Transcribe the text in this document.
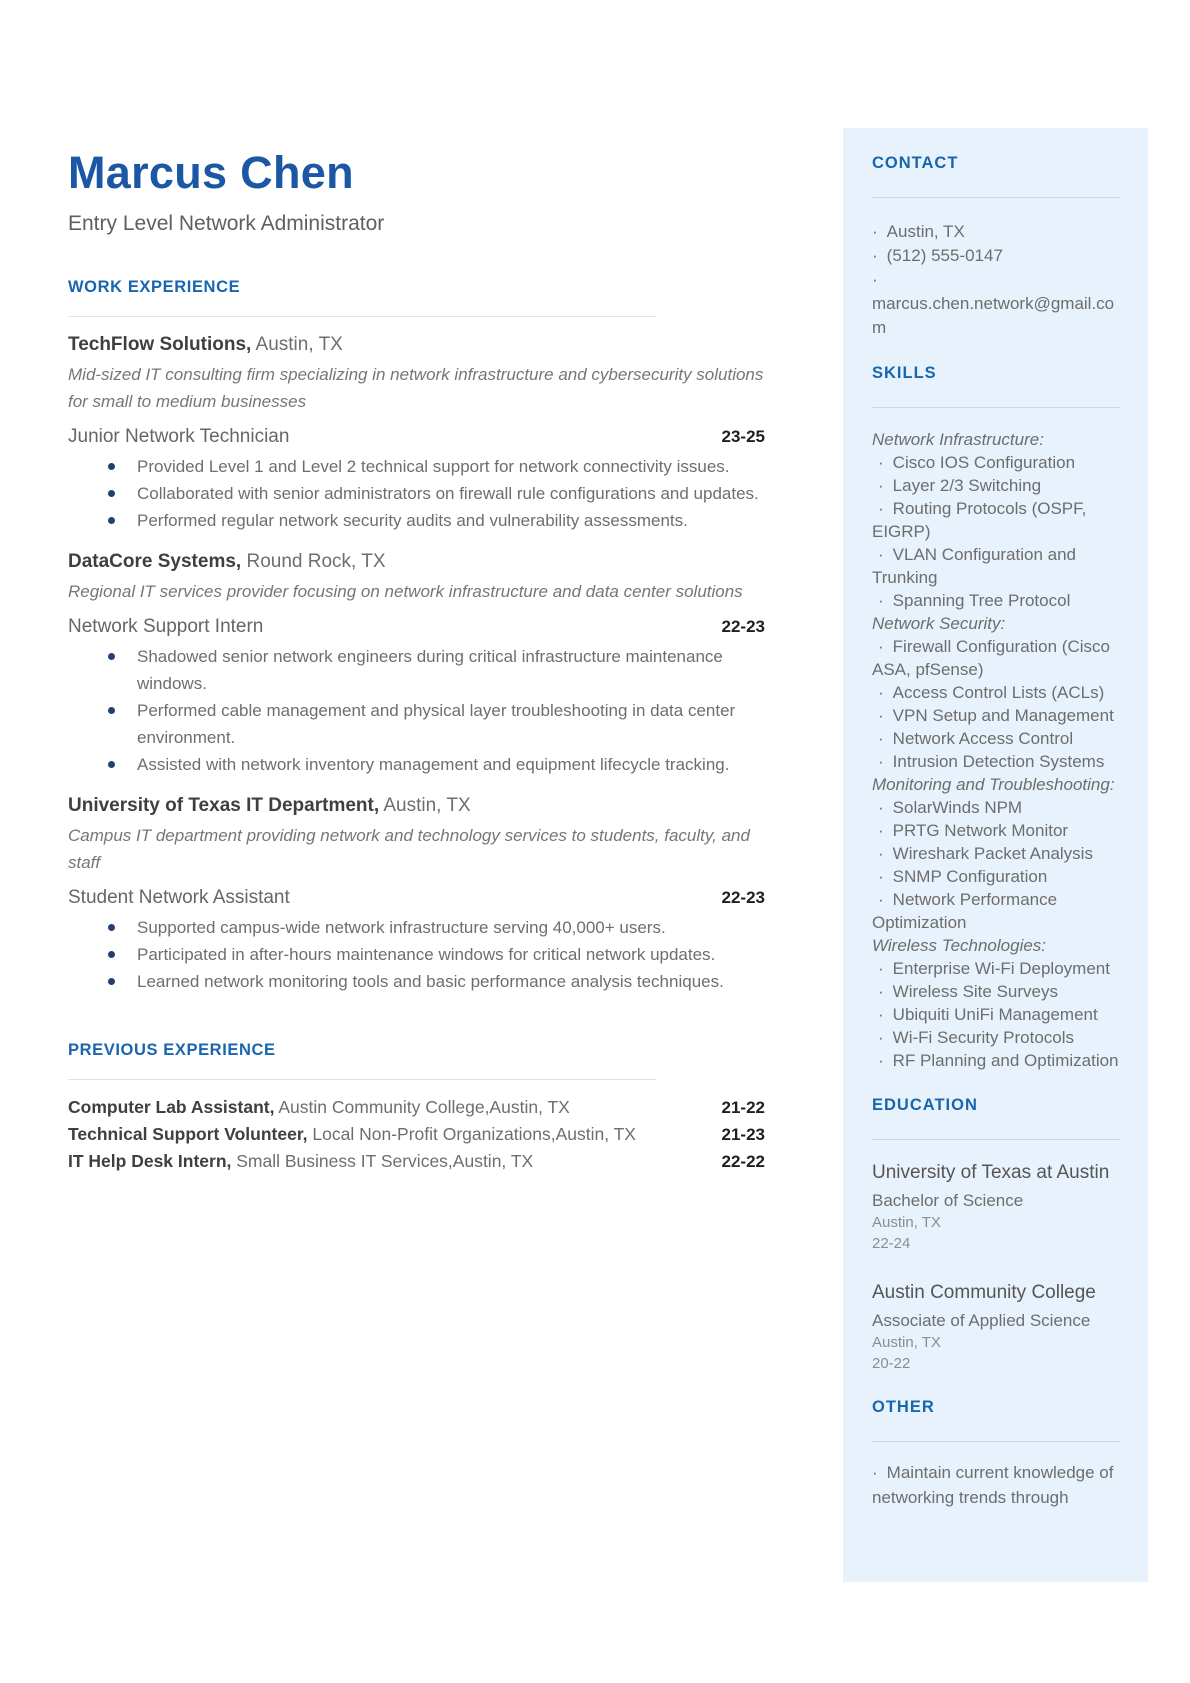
Marcus Chen
Entry Level Network Administrator
WORK EXPERIENCE
TechFlow Solutions, Austin, TX
Mid-sized IT consulting firm specializing in network infrastructure and cybersecurity solutions for small to medium businesses
Junior Network Technician	23-25
Provided Level 1 and Level 2 technical support for network connectivity issues.
Collaborated with senior administrators on firewall rule configurations and updates.
Performed regular network security audits and vulnerability assessments.
DataCore Systems, Round Rock, TX
Regional IT services provider focusing on network infrastructure and data center solutions
Network Support Intern	22-23
Shadowed senior network engineers during critical infrastructure maintenance windows.
Performed cable management and physical layer troubleshooting in data center environment.
Assisted with network inventory management and equipment lifecycle tracking.
University of Texas IT Department, Austin, TX
Campus IT department providing network and technology services to students, faculty, and staff
Student Network Assistant	22-23
Supported campus-wide network infrastructure serving 40,000+ users.
Participated in after-hours maintenance windows for critical network updates.
Learned network monitoring tools and basic performance analysis techniques.
PREVIOUS EXPERIENCE
Computer Lab Assistant, Austin Community College,Austin, TX	21-22
Technical Support Volunteer, Local Non-Profit Organizations,Austin, TX	21-23
IT Help Desk Intern, Small Business IT Services,Austin, TX	22-22
CONTACT
· Austin, TX
· (512) 555-0147
·marcus.chen.network@gmail.com
SKILLS
Network Infrastructure:
· Cisco IOS Configuration
· Layer 2/3 Switching
· Routing Protocols (OSPF, EIGRP)
· VLAN Configuration and Trunking
· Spanning Tree Protocol
Network Security:
· Firewall Configuration (Cisco ASA, pfSense)
· Access Control Lists (ACLs)
· VPN Setup and Management
· Network Access Control
· Intrusion Detection Systems
Monitoring and Troubleshooting:
· SolarWinds NPM
· PRTG Network Monitor
· Wireshark Packet Analysis
· SNMP Configuration
· Network Performance Optimization
Wireless Technologies:
· Enterprise Wi-Fi Deployment
· Wireless Site Surveys
· Ubiquiti UniFi Management
· Wi-Fi Security Protocols
· RF Planning and Optimization
EDUCATION
University of Texas at Austin
Bachelor of Science
Austin, TX
22-24
Austin Community College
Associate of Applied Science
Austin, TX
20-22
OTHER
· Maintain current knowledge of networking trends through
